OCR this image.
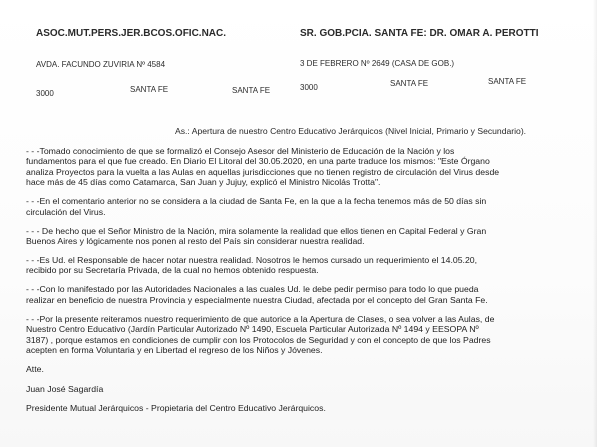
ASOC.MUT.PERS.JER.BCOS.OFIC.NAC.	SR. GOB.PCIA. SANTA FE: DR. OMAR A. PEROTTI
AVDA. FACUNDO ZUVIRIA Nº 4584	3 DE FEBRERO Nº 2649 (CASA DE GOB.)
3000	SANTA FE	SANTA FE	3000	SANTA FE	SANTA FE
As.: Apertura de nuestro Centro Educativo Jerárquicos (Nivel Inicial, Primario y Secundario).
- - -Tomado conocimiento de que se formalizó el Consejo Asesor del Ministerio de Educación de la Nación y los
fundamentos para el que fue creado. En Diario El Litoral del 30.05.2020, en una parte traduce los mismos: "Este Órgano
analiza Proyectos para la vuelta a las Aulas en aquellas jurisdicciones que no tienen registro de circulación del Virus desde
hace más de 45 días como Catamarca, San Juan y Jujuy, explicó el Ministro Nicolás Trotta".
- - -En el comentario anterior no se considera a la ciudad de Santa Fe, en la que a la fecha tenemos más de 50 días sin
circulación del Virus.
- - - De hecho que el Señor Ministro de la Nación, mira solamente la realidad que ellos tienen en Capital Federal y Gran
Buenos Aires y lógicamente nos ponen al resto del País sin considerar nuestra realidad.
- - -Es Ud. el Responsable de hacer notar nuestra realidad. Nosotros le hemos cursado un requerimiento el 14.05.20,
recibido por su Secretaría Privada, de la cual no hemos obtenido respuesta.
- - -Con lo manifestado por las Autoridades Nacionales a las cuales Ud. le debe pedir permiso para todo lo que pueda
realizar en beneficio de nuestra Provincia y especialmente nuestra Ciudad, afectada por el concepto del Gran Santa Fe.
- - -Por la presente reiteramos nuestro requerimiento de que autorice a la Apertura de Clases, o sea volver a las Aulas, de
Nuestro Centro Educativo (Jardín Particular Autorizado Nº 1490, Escuela Particular Autorizada Nº 1494 y EESOPA Nº
3187) , porque estamos en condiciones de cumplir con los Protocolos de Seguridad y con el concepto de que los Padres
acepten en forma Voluntaria y en Libertad el regreso de los Niños y Jóvenes.
Atte.
Juan José Sagardía
Presidente Mutual Jerárquicos - Propietaria del Centro Educativo Jerárquicos.
